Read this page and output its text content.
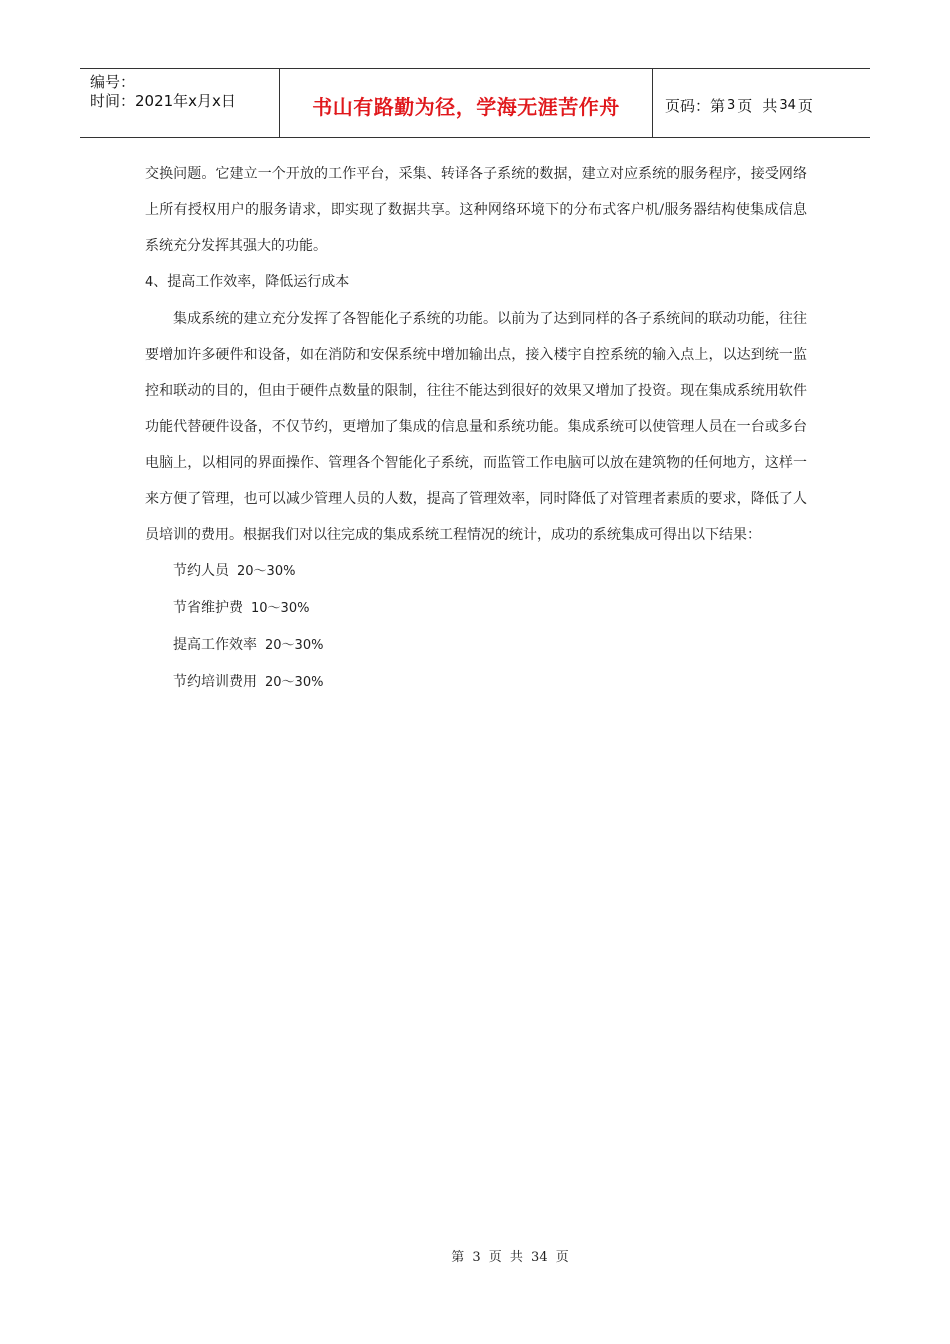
编号：
时间：2021年x月x日	书山有路勤为径，学海无涯苦作舟	页码：第 3 页 共 34 页

交换问题。它建立一个开放的工作平台，采集、转译各子系统的数据，建立对应系统的服务程序，接受网络上所有授权用户的服务请求，即实现了数据共享。这种网络环境下的分布式客户机/服务器结构使集成信息系统充分发挥其强大的功能。

4、提高工作效率，降低运行成本

集成系统的建立充分发挥了各智能化子系统的功能。以前为了达到同样的各子系统间的联动功能，往往要增加许多硬件和设备，如在消防和安保系统中增加输出点，接入楼宇自控系统的输入点上，以达到统一监控和联动的目的，但由于硬件点数量的限制，往往不能达到很好的效果又增加了投资。现在集成系统用软件功能代替硬件设备，不仅节约，更增加了集成的信息量和系统功能。集成系统可以使管理人员在一台或多台电脑上，以相同的界面操作、管理各个智能化子系统，而监管工作电脑可以放在建筑物的任何地方，这样一来方便了管理，也可以减少管理人员的人数，提高了管理效率，同时降低了对管理者素质的要求，降低了人员培训的费用。根据我们对以往完成的集成系统工程情况的统计，成功的系统集成可得出以下结果：

节约人员 20～30%
节省维护费 10～30%
提高工作效率 20～30%
节约培训费用 20～30%
第 3 页 共 34 页
